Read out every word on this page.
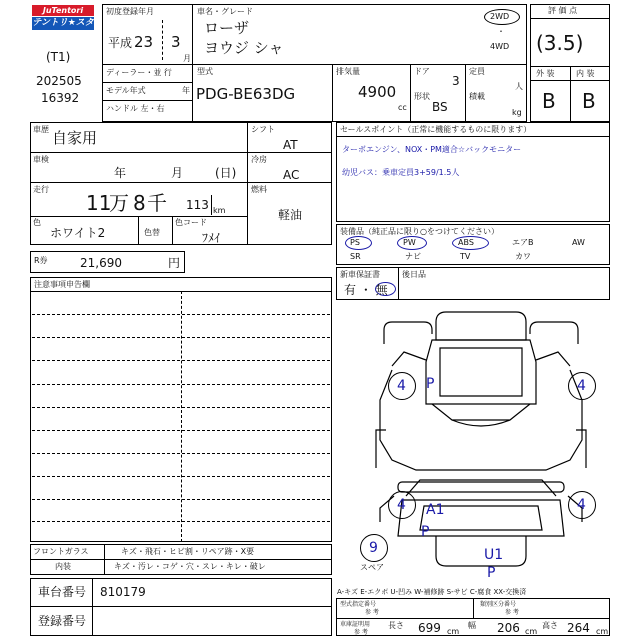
JuTentori
テントリ★スター
(T1)
202505
16392
初度登録年月
平成 23 3
月
車名・グレード
ローザ
ヨウジ シャ
2WD
・
4WD
ディーラー・並 行
モデル年式	年
ハンドル 左・右
型式
PDG-BE63DG
排気量
4900
cc
ドア
3
形状
BS
定員
人
積載
kg
評 価 点
(3.5)
外 装	内 装
B B
車歴 自家用
車検
年	月	(日)
走行
11
万 8 千 113 km
色
ホワイト2	色替
色コード
ﾌﾒｲ
シフト
AT
冷房
AC
燃料
軽油
R券	21,690	円
注意事項申告欄
セールスポイント（正常に機能するものに限ります）
ターボエンジン、NOX・PM適合☆バックモニター
幼児バス：乗車定員3+59/1.5人
装備品（純正品に限り○をつけてください）
PS	PW	ABS	エアB	AW
SR	ナビ	TV	カワ
新車保証書
有 ・ 無
後日品
4 P	4
4 A1
P
4
9	U1
P
スペア
フロントガラス	キズ・飛石・ヒビ割・リペア跡・X要
内装	キズ・汚レ・コゲ・穴・スレ・キレ・破レ
車台番号 810179
登録番号
A-キズ E-エクボ U-凹み W-補修跡 S-サビ C-腐食 XX-交換済
型式指定番号
参 考
類別区分番号
参 考
車庫証明用
参 考
長さ 699 cm
幅 206 cm
高さ 264 cm
